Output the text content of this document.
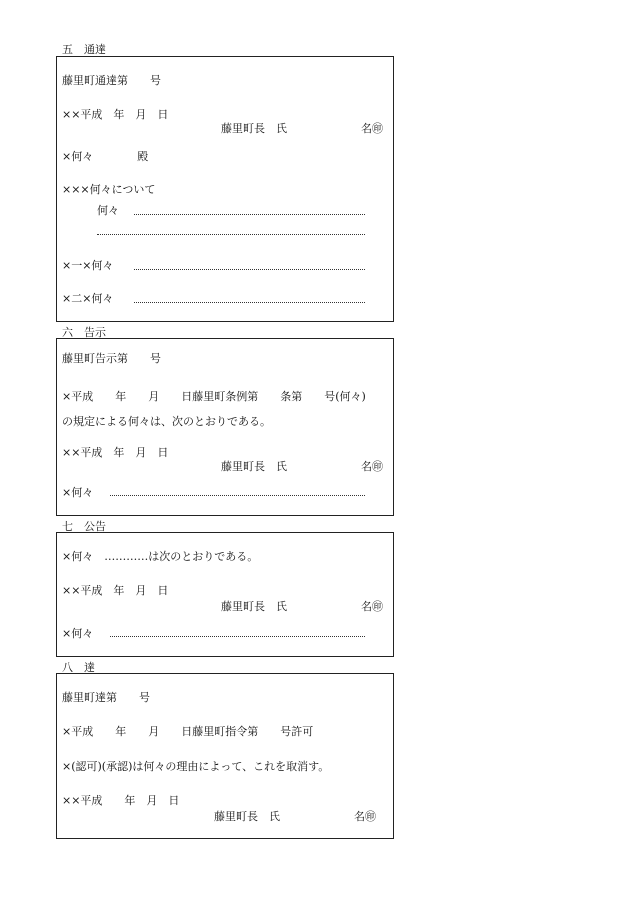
五　通達
藤里町通達第　　号
××平成　年　月　日
藤里町長　氏	名㊞
×何々　　　　殿
×××何々について
何々
×一×何々
×二×何々
六　告示
藤里町告示第　　号
×平成　　年　　月　　日藤里町条例第　　条第　　号(何々)
の規定による何々は、次のとおりである。
××平成　年　月　日
藤里町長　氏	名㊞
×何々
七　公告
×何々　…………は次のとおりである。
××平成　年　月　日
藤里町長　氏	名㊞
×何々
八　達
藤里町達第　　号
×平成　　年　　月　　日藤里町指令第　　号許可
×(認可)(承認)は何々の理由によって、これを取消す。
××平成　　年　月　日
藤里町長　氏	名㊞
